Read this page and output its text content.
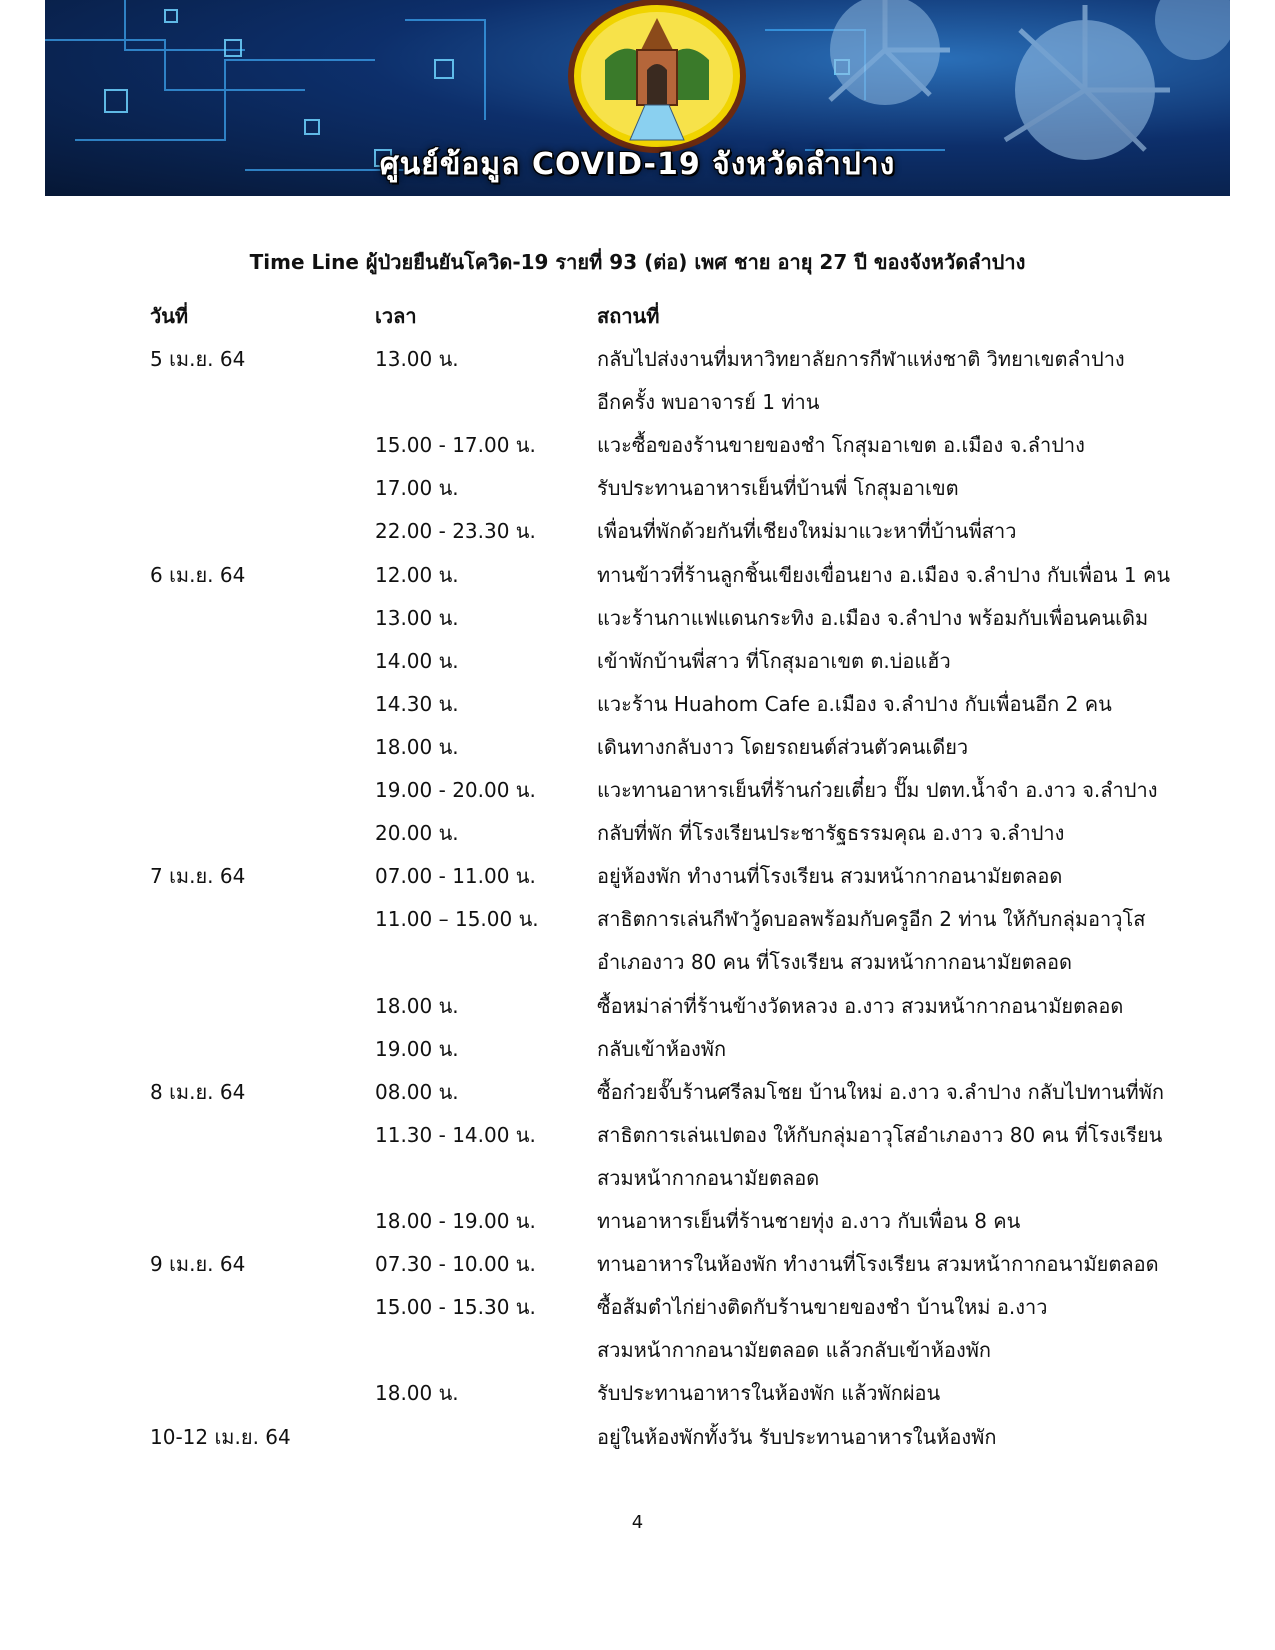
ศูนย์ข้อมูล COVID-19 จังหวัดลำปาง
Time Line ผู้ป่วยยืนยันโควิด-19 รายที่ 93 (ต่อ) เพศ ชาย อายุ 27 ปี ของจังหวัดลำปาง
วันที่	เวลา	สถานที่
5 เม.ย. 64	13.00 น.	กลับไปส่งงานที่มหาวิทยาลัยการกีฬาแห่งชาติ วิทยาเขตลำปาง
อีกครั้ง พบอาจารย์ 1 ท่าน
15.00 - 17.00 น.	แวะซื้อของร้านขายของชำ โกสุมอาเขต อ.เมือง จ.ลำปาง
17.00 น.	รับประทานอาหารเย็นที่บ้านพี่ โกสุมอาเขต
22.00 - 23.30 น.	เพื่อนที่พักด้วยกันที่เชียงใหม่มาแวะหาที่บ้านพี่สาว
6 เม.ย. 64	12.00 น.	ทานข้าวที่ร้านลูกชิ้นเขียงเขื่อนยาง อ.เมือง จ.ลำปาง กับเพื่อน 1 คน
13.00 น.	แวะร้านกาแฟแดนกระทิง อ.เมือง จ.ลำปาง พร้อมกับเพื่อนคนเดิม
14.00 น.	เข้าพักบ้านพี่สาว ที่โกสุมอาเขต ต.บ่อแฮ้ว
14.30 น.	แวะร้าน Huahom Cafe อ.เมือง จ.ลำปาง กับเพื่อนอีก 2 คน
18.00 น.	เดินทางกลับงาว โดยรถยนต์ส่วนตัวคนเดียว
19.00 - 20.00 น.	แวะทานอาหารเย็นที่ร้านก๋วยเตี๋ยว ปั๊ม ปตท.น้ำจำ อ.งาว จ.ลำปาง
20.00 น.	กลับที่พัก ที่โรงเรียนประชารัฐธรรมคุณ อ.งาว จ.ลำปาง
7 เม.ย. 64	07.00 - 11.00 น.	อยู่ห้องพัก ทำงานที่โรงเรียน สวมหน้ากากอนามัยตลอด
11.00 – 15.00 น.	สาธิตการเล่นกีฬาวู้ดบอลพร้อมกับครูอีก 2 ท่าน ให้กับกลุ่มอาวุโส
อำเภองาว 80 คน ที่โรงเรียน สวมหน้ากากอนามัยตลอด
18.00 น.	ซื้อหม่าล่าที่ร้านข้างวัดหลวง อ.งาว สวมหน้ากากอนามัยตลอด
19.00 น.	กลับเข้าห้องพัก
8 เม.ย. 64	08.00 น.	ซื้อก๋วยจั๊บร้านศรีลมโชย บ้านใหม่ อ.งาว จ.ลำปาง กลับไปทานที่พัก
11.30 - 14.00 น.	สาธิตการเล่นเปตอง ให้กับกลุ่มอาวุโสอำเภองาว 80 คน ที่โรงเรียน
สวมหน้ากากอนามัยตลอด
18.00 - 19.00 น.	ทานอาหารเย็นที่ร้านชายทุ่ง อ.งาว กับเพื่อน 8 คน
9 เม.ย. 64	07.30 - 10.00 น.	ทานอาหารในห้องพัก ทำงานที่โรงเรียน สวมหน้ากากอนามัยตลอด
15.00 - 15.30 น.	ซื้อส้มตำไก่ย่างติดกับร้านขายของชำ บ้านใหม่ อ.งาว
สวมหน้ากากอนามัยตลอด แล้วกลับเข้าห้องพัก
18.00 น.	รับประทานอาหารในห้องพัก แล้วพักผ่อน
10-12 เม.ย. 64	อยู่ในห้องพักทั้งวัน รับประทานอาหารในห้องพัก
4
